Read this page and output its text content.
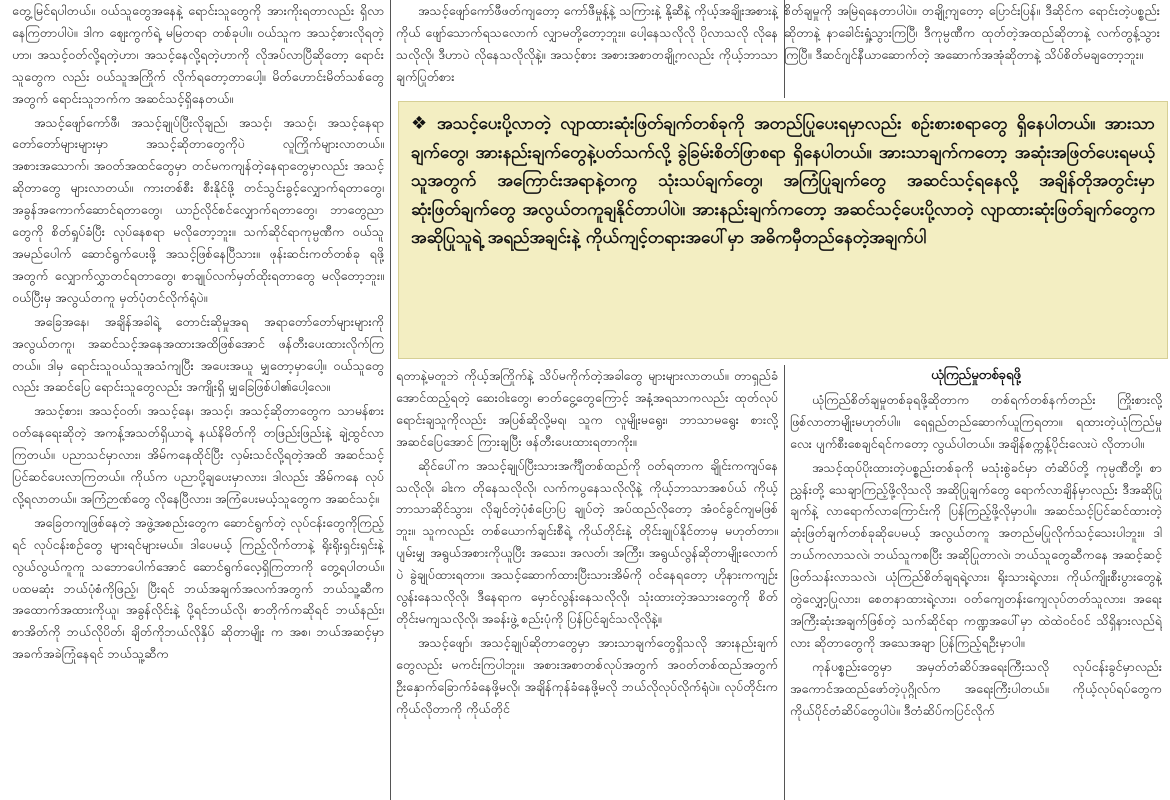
တွေ့မြင်ရပါတယ်။ ဝယ်သူတွေအနေနဲ့ ရောင်းသူတွေကို အားကိုးရတာလည်း ရှိလာနေကြတာပါပဲ။ ဒါက ဈေးကွက်ရဲ့ မမြတရာ တစ်ခုပါ။ ဝယ်သူက အသင့်စားလိုရတဲ့ဟာ၊ အသင့်ဝတ်လို့ရတဲ့ဟာ၊ အသင့်နေလို့ရတဲ့ဟာကို လိုအပ်လာပြီဆိုတော့ ရောင်းသူတွေက လည်း ဝယ်သူအကြိုက် လိုက်ရတော့တာပေါ့။ မိတ်ဟောင်းမိတ်သစ်တွေအတွက် ရောင်းသူဘက်က အဆင်သင့်ရှိနေတယ်။

အသင့်ဖျော်ကော်ဖီ၊ အသင့်ချုပ်ပြီးလိုချည်၊ အသင့်၊ အသင့်၊ အသင့်နေရာတော်တော်များများမှာ အသင့်ဆိုတာတွေကိုပဲ လူကြိုက်များလာတယ်။ အစားအသောက်၊ အဝတ်အထင်တွေမှာ တင်မကကျန်တဲ့နေရာတွေမှာလည်း အသင့်ဆိုတာတွေ များလာတယ်။ ကားတစ်စီး စီးနိုင်ဖို့ တင်သွင်းခွင့်လျှောက်ရတာတွေ၊ အခွန်အကောက်ဆောင်ရတာတွေ၊ ယာဉ်လိုင်စင်လျှောက်ရတာတွေ၊ ဘာတွေညာတွေကို စိတ်ရှုပ်ခံပြီး လုပ်နေစရာ မလိုတော့ဘူး။ သက်ဆိုင်ရာကုမ္ပဏီက ဝယ်သူအမည်ပေါက် ဆောင်ရွက်ပေးဖို့ အသင့်ဖြစ်နေပြီသား။ ဖုန်းဆင်းကတ်တစ်ခု ရဖို့အတွက် လျှောက်လွှာတင်ရတာတွေ၊ စာချုပ်လက်မှတ်ထိုးရတာတွေ မလိုတော့ဘူး။ ဝယ်ပြီးမှ အလွယ်တကူ မှတ်ပုံတင်လိုက်ရုံပဲ။

အခြေအနေ၊ အချိန်အခါရဲ့ တောင်းဆိုမှုအရ အရာတော်တော်များများကို အလွယ်တကူ၊ အဆင်သင့်အနေအထားအထိဖြစ်အောင် ဖန်တီးပေးထားလိုက်ကြတယ်။ ဒါမှ ရောင်းသူဝယ်သူအသံကျပြီး အပေးအယူ မျှတော့မှာပေါ့။ ဝယ်သူတွေလည်း အဆင်ပြေ ရောင်းသူတွေလည်း အကျိုးရှိ မျှခြေဖြစ်ပါ၏ပေါ့လေ။

အသင့်စား၊ အသင့်ဝတ်၊ အသင့်နေ၊ အသင့်၊ အသင့်ဆိုတာတွေက သာမန်စားဝတ်နေရေးဆိုတဲ့ အကန့်အသတ်ရှိယာရဲ့ နယ်နိမိတ်ကို တဖြည်းဖြည်းနဲ့ ချဲ့ထွင်လာကြတယ်။ ပညာသင်မှာလား၊ အိမ်ကနေထိုင်ပြီး လှမ်းသင်လို့ရတဲ့အထိ အဆင်သင့်ပြင်ဆင်ပေးလာကြတယ်။ ကိုယ်က ပညာပို့ချပေးမှာလား၊ ဒါလည်း အိမ်ကနေ လုပ်လို့ရလာတယ်။ အကြံဉာဏ်တွေ လိုနေပြီလား၊ အကြံပေးမယ့်သူတွေက အဆင်သင့်။

အခြေတကျဖြစ်နေတဲ့ အဖွဲ့အစည်းတွေက ဆောင်ရွက်တဲ့ လုပ်ငန်းတွေကိုကြည့်ရင် လုပ်ငန်းစဉ်တွေ များရင်များမယ်။ ဒါပေမယ့် ကြည့်လိုက်တာနဲ့ ရိုးရိုးရှင်းရှင်းနဲ့ လွယ်လွယ်ကူကူ သဘောပေါက်အောင် ဆောင်ရွက်လေ့ရှိကြတာကို တွေ့ရပါတယ်။ ပထမဆုံး ဘယ်ပုံစံကိုဖြည့်၊ ပြီးရင် ဘယ်အချက်အလက်အတွက် ဘယ်သူ့ဆီက အထောက်အထားကိုယူ၊ အခွန်လိုင်းနဲ့ ပို့ရင်ဘယ်လို၊ စာတိုက်ကဆိုရင် ဘယ်နည်း၊ စာအိတ်ကို ဘယ်လိုပိတ်၊ ချိတ်ကိုဘယ်လိုနှိပ် ဆိုတာမျိုး က အစ၊ ဘယ်အဆင့်မှာ အခက်အခဲကြုံနေရင် ဘယ်သူ့ဆီက

အသင့်ဖျော်ကော်ဖီဖတ်ကျတော့ ကော်ဖီမှုန့်နဲ့ သကြားနဲ့ နို့ဆီနဲ့ ကိုယ့်အချိုးအစားနဲ့ကိုယ် ဖျော်သောက်ရသလောက် လျှာမတို့တော့ဘူး။ ပေါ့နေသလိုလို ပိုလာသလို လိုနေသလိုလို၊ ဒီဟာပဲ လိုနေသလိုလိုနဲ့။ အသင့်စား အစားအစာတချို့ကလည်း ကိုယ့်ဘာသာချက်ပြုတ်စား

စိတ်ချမှုကို အမြဲရနေတာပါပဲ။ တချို့ကျတော့ ပြောင်းပြန်။ ဒီဆိုင်က ရောင်းတဲ့ပစ္စည်းဆိုတာနဲ့ နာခေါင်းရှုံ့သွားကြပြီ၊ ဒီကုမ္ပဏီက ထုတ်တဲ့အထည်ဆိုတာနဲ့ လက်တွန့်သွားကြပြီ။ ဒီဆင်ဂျင်နီယာဆောက်တဲ့ အဆောက်အအုံဆိုတာနဲ့ သိပ်စိတ်မချတော့ဘူး။

❖ အသင့်ပေးပို့လာတဲ့ လျာထားဆုံးဖြတ်ချက်တစ်ခုကို အတည်ပြုပေးရမှာလည်း စဉ်းစားစရာတွေ ရှိနေပါတယ်။ အားသာချက်တွေ၊ အားနည်းချက်တွေနဲ့ပတ်သက်လို့ ခွဲခြမ်းစိတ်ဖြာစရာ ရှိနေပါတယ်။ အားသာချက်ကတော့ အဆုံးအဖြတ်ပေးရမယ့်သူအတွက် အကြောင်းအရာနဲ့တကွ သုံးသပ်ချက်တွေ၊ အကြံပြုချက်တွေ အဆင်သင့်ရနေလို့ အချိန်တိုအတွင်းမှာ ဆုံးဖြတ်ချက်တွေ အလွယ်တကူချနိုင်တာပါပဲ။ အားနည်းချက်ကတော့ အဆင်သင့်ပေးပို့လာတဲ့ လျာထားဆုံးဖြတ်ချက်တွေက အဆိုပြုသူရဲ့ အရည်အချင်းနဲ့ ကိုယ်ကျင့်တရားအပေါ်မှာ အဓိကမှီတည်နေတဲ့အချက်ပါ

ရတာနဲ့မတူဘဲ ကိုယ့်အကြိုက်နဲ့ သိပ်မကိုက်တဲ့အခါတွေ များများလာတယ်။ တာရှည်ခံအောင်ထည့်ရတဲ့ ဆေးဝါးတွေ၊ ဓာတ်ငွေ့တွေကြောင့် အနံ့အရသာကလည်း ထုတ်လုပ်ရောင်းချသူကိုလည်း အပြစ်ဆိုလို့မရ၊ သူက လူမျိုးမရွေး၊ ဘာသာမရွေး စားလို့အဆင်ပြေအောင် ကြားချပြီး ဖန်တီးပေးထားရတာကိုး။

ဆိုင်ပေါ်က အသင့်ချုပ်ပြီးသားအင်္ကျီတစ်ထည်ကို ဝတ်ရတာက ချိုင်းကကျပ်နေသလိုလို၊ ခါးက တိုနေသလိုလို၊ လက်ကပွနေသလိုလိုနဲ့ ကိုယ့်ဘာသာအစပ်ယ် ကိုယ့်ဘာသာဆိုင်သွား၊ လိုချင်တဲ့ပုံစံပြောပြ ချုပ်တဲ့ အပ်ထည်လိုတော့ အံဝင်ခွင်ကျမဖြစ်ဘူး။ သူကလည်း တစ်ယောက်ချင်းစီရဲ့ ကိုယ်တိုင်းနဲ့ တိုင်းချုပ်နိုင်တာမှ မဟုတ်တာ။ ပျမ်းမျှ အရွယ်အစားကိုယူပြီး အသေး၊ အလတ်၊ အကြီး၊ အရွယ်လွန်ဆိုတာမျိုးလောက်ပဲ ခွဲချုပ်ထားရတာ။ အသင့်ဆောက်ထားပြီးသားအိမ်ကို ဝင်နေရတော့ ဟိုနားကကျဉ်းလွန်းနေသလိုလို၊ ဒီနေရာက မှောင်လွန်းနေသလိုလို၊ သုံးထားတဲ့အသားတွေကို စိတ်တိုင်းမကျသလိုလို၊ အခန်းဖွဲ့ စည်းပုံကို ပြန်ပြင်ချင်သလိုလိုနဲ့။

အသင့်ဖျော်၊ အသင့်ချုပ်ဆိုတာတွေမှာ အားသာချက်တွေရှိသလို အားနည်းချက်တွေလည်း မကင်းကြပါဘူး။ အစားအစာတစ်လုပ်အတွက် အဝတ်တစ်ထည်အတွက် ဦးနှောက်ခြောက်ခံနေဖို့မလို၊ အချိန်ကုန်ခံနေဖို့မလို ဘယ်လိုလုပ်လိုက်ရုံပဲ။ လုပ်တိုင်းက ကိုယ်လိုတာကို ကိုယ်တိုင်

ယုံကြည်မှုတစ်ခုရဖို့

ယုံကြည်စိတ်ချမှုတစ်ခုရဖို့ဆိုတာက တစ်ရက်တစ်နက်တည်း ကြိုးစားလို့ဖြစ်လာတာမျိုးမဟုတ်ပါ။ ရေရှည်တည်ဆောက်ယူကြရတာ။ ရထားတဲ့ယုံကြည်မှုလေး ပျက်စီးစေချင်ရင်ကတော့ လွယ်ပါတယ်။ အချိန်စက္ကန့်ပိုင်းလေးပဲ လိုတာပါ။

အသင့်ထုပ်ပိုးထားတဲ့ပစ္စည်းတစ်ခုကို မသုံးစွဲခင်မှာ တံဆိပ်တို့ ကုမ္ပဏီတို့၊ စာညွှန်းတို့ သေချာကြည့်ဖို့လိုသလို အဆိုပြုချက်တွေ ရောက်လာချိန်မှာလည်း ဒီအဆိုပြုချက်နဲ့ လာရောက်လာကြောင်းကို ပြန်ကြည့်ဖို့လိုမှာပါ။ အဆင်သင့်ပြင်ဆင်ထားတဲ့ ဆုံးဖြတ်ချက်တစ်ခုဆိုပေမယ့် အလွယ်တကူ အတည်မပြုလိုက်သင့်သေးပါဘူး။ ဒါဘယ်ကလာသလဲ၊ ဘယ်သူကစပြီး အဆိုပြုတာလဲ၊ ဘယ်သူတွေဆီကနေ အဆင့်ဆင့်ဖြတ်သန်းလာသလဲ၊ ယုံကြည်စိတ်ချရရဲ့လား၊ ရိုးသားရဲ့လား၊ ကိုယ်ကျိုးစီးပွားတွေနဲ့ တွဲလျှော့ပြုလား၊ စေတနာထားရဲ့လား၊ ဝတ်ကျေတန်းကျေလုပ်တတ်သူလား၊ အရေးအကြီးဆုံးအချက်ဖြစ်တဲ့ သက်ဆိုင်ရာ ကဏ္ဍအပေါ်မှာ ထဲထဲဝင်ဝင် သိရှိနားလည်ရဲ့လား ဆိုတာတွေကို အသေအချာ ပြန်ကြည့်ရဦးမှာပါ။

ကုန်ပစ္စည်းတွေမှာ အမှတ်တံဆိပ်အရေးကြီးသလို လုပ်ငန်းခွင်မှာလည်း အကောင်အထည်ဖော်တဲ့ပုဂ္ဂိုလ်က အရေးကြီးပါတယ်။ ကိုယ့်လုပ်ရပ်တွေက ကိုယ်ပိုင်တံဆိပ်တွေပါပဲ။ ဒီတံဆိပ်ကပြင်လိုက်
